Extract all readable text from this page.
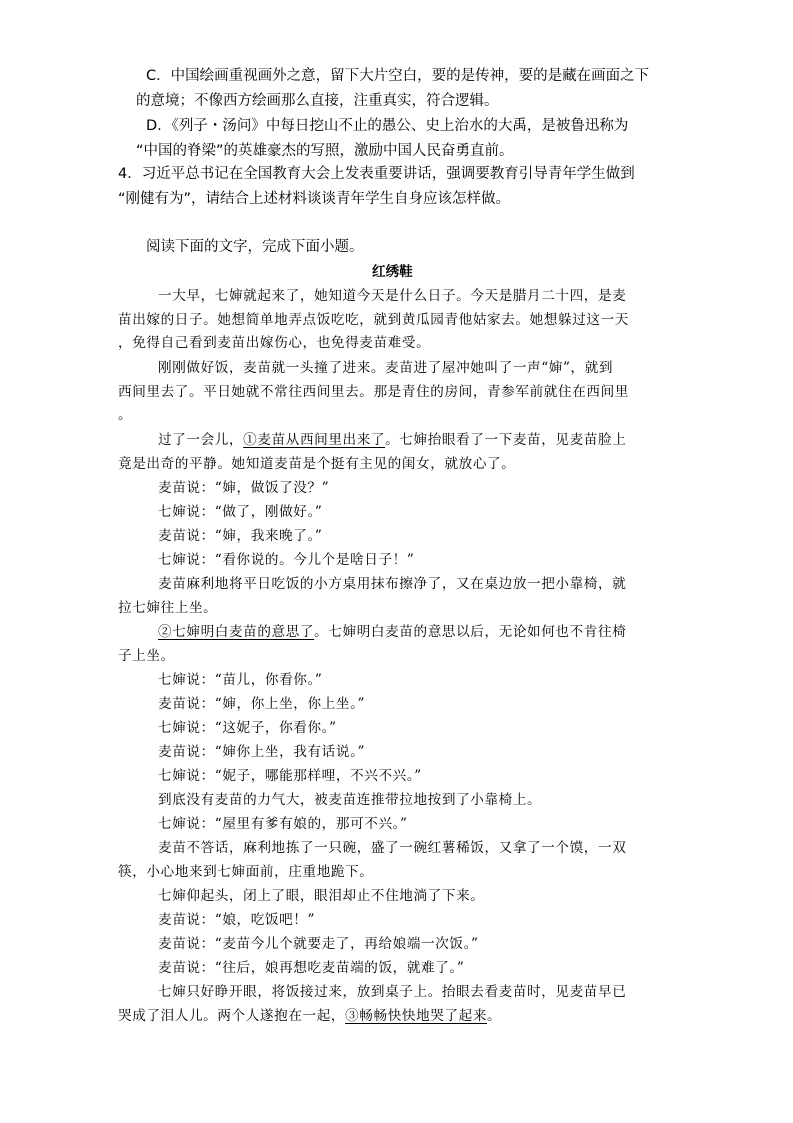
C．中国绘画重视画外之意，留下大片空白，要的是传神，要的是藏在画面之下
的意境；不像西方绘画那么直接，注重真实，符合逻辑。
D．《列子・汤问》中每日挖山不止的愚公、史上治水的大禹，是被鲁迅称为
“中国的脊梁”的英雄豪杰的写照，激励中国人民奋勇直前。
4．习近平总书记在全国教育大会上发表重要讲话，强调要教育引导青年学生做到
“刚健有为”，请结合上述材料谈谈青年学生自身应该怎样做。
阅读下面的文字，完成下面小题。
红绣鞋
一大早，七婶就起来了，她知道今天是什么日子。今天是腊月二十四，是麦
苗出嫁的日子。她想简单地弄点饭吃吃，就到黄瓜园青他姑家去。她想躲过这一天
，免得自己看到麦苗出嫁伤心，也免得麦苗难受。
刚刚做好饭，麦苗就一头撞了进来。麦苗进了屋冲她叫了一声“婶”，就到
西间里去了。平日她就不常往西间里去。那是青住的房间，青参军前就住在西间里
。
过了一会儿，①麦苗从西间里出来了。七婶抬眼看了一下麦苗，见麦苗脸上
竟是出奇的平静。她知道麦苗是个挺有主见的闺女，就放心了。
麦苗说：“婶，做饭了没？”
七婶说：“做了，刚做好。”
麦苗说：“婶，我来晚了。”
七婶说：“看你说的。今儿个是啥日子！”
麦苗麻利地将平日吃饭的小方桌用抹布擦净了，又在桌边放一把小靠椅，就
拉七婶往上坐。
②七婶明白麦苗的意思了。七婶明白麦苗的意思以后，无论如何也不肯往椅
子上坐。
七婶说：“苗儿，你看你。”
麦苗说：“婶，你上坐，你上坐。”
七婶说：“这妮子，你看你。”
麦苗说：“婶你上坐，我有话说。”
七婶说：“妮子，哪能那样哩，不兴不兴。”
到底没有麦苗的力气大，被麦苗连推带拉地按到了小靠椅上。
七婶说：“屋里有爹有娘的，那可不兴。”
麦苗不答话，麻利地拣了一只碗，盛了一碗红薯稀饭，又拿了一个馍，一双
筷，小心地来到七婶面前，庄重地跪下。
七婶仰起头，闭上了眼，眼泪却止不住地淌了下来。
麦苗说：“娘，吃饭吧！”
麦苗说：“麦苗今儿个就要走了，再给娘端一次饭。”
麦苗说：“往后，娘再想吃麦苗端的饭，就难了。”
七婶只好睁开眼，将饭接过来，放到桌子上。抬眼去看麦苗时，见麦苗早已
哭成了泪人儿。两个人遂抱在一起，③畅畅快快地哭了起来。
